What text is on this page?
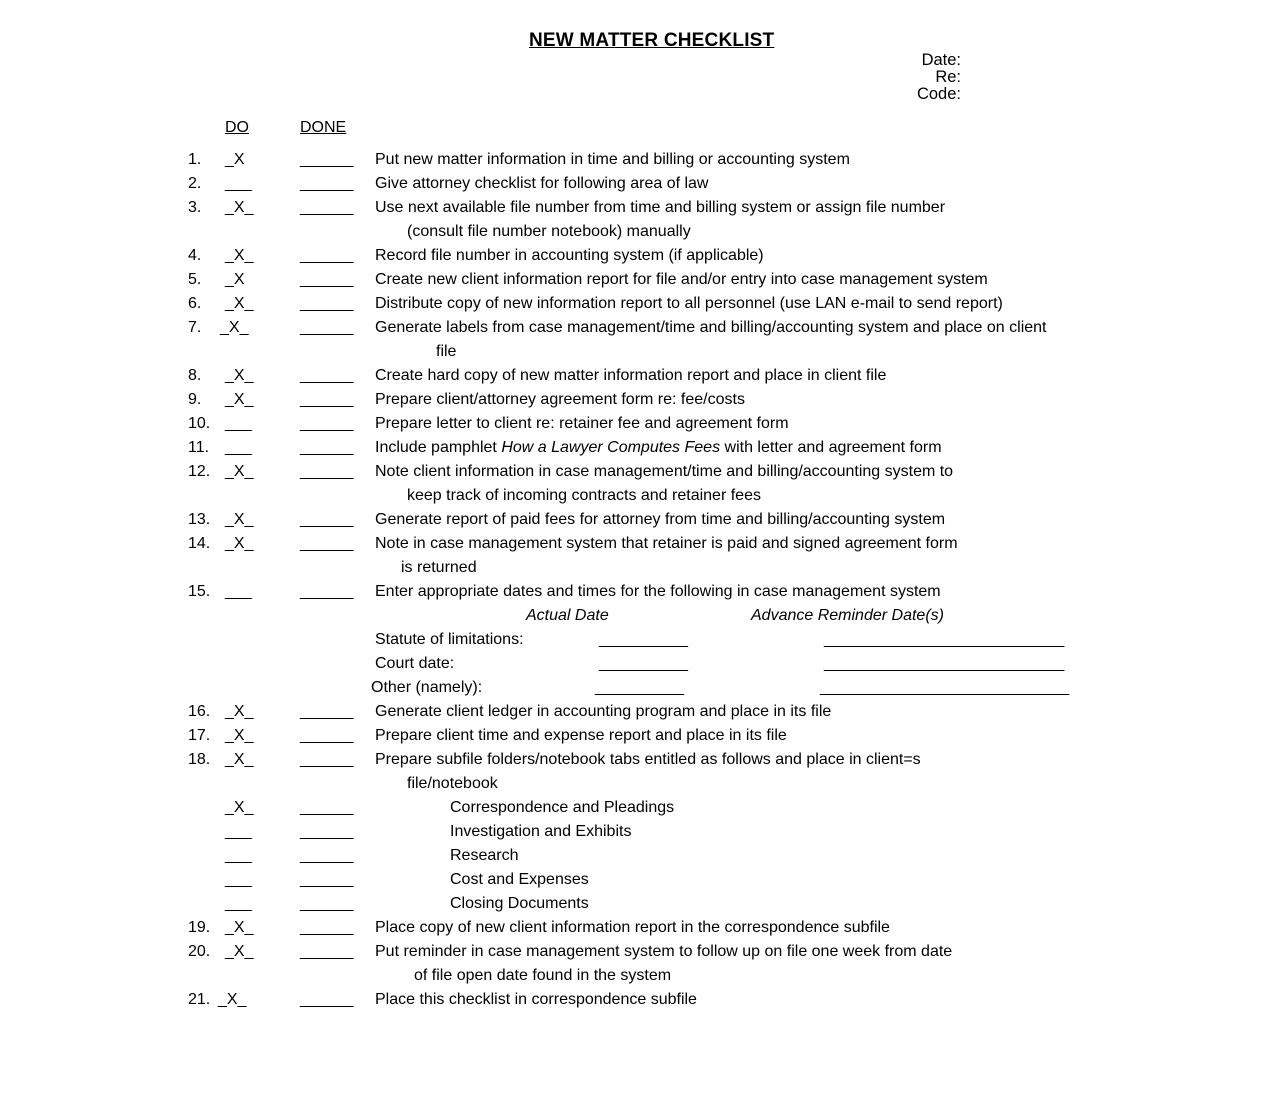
NEW MATTER CHECKLIST
Date:
Re:
Code:
DO	DONE
1. _X	______ Put new matter information in time and billing or accounting system
2. ___	______ Give attorney checklist for following area of law
3. _X_	______ Use next available file number from time and billing system or assign file number
(consult file number notebook) manually
4. _X_	______ Record file number in accounting system (if applicable)
5. _X	______ Create new client information report for file and/or entry into case management system
6. _X_	______ Distribute copy of new information report to all personnel (use LAN e-mail to send report)
7. _X_	______ Generate labels from case management/time and billing/accounting system and place on client
file
8. _X_	______ Create hard copy of new matter information report and place in client file
9. _X_	______ Prepare client/attorney agreement form re: fee/costs
10. ___	______ Prepare letter to client re: retainer fee and agreement form
11. ___	______ Include pamphlet How a Lawyer Computes Fees with letter and agreement form
12. _X_	______ Note client information in case management/time and billing/accounting system to
keep track of incoming contracts and retainer fees
13. _X_	______ Generate report of paid fees for attorney from time and billing/accounting system
14. _X_	______ Note in case management system that retainer is paid and signed agreement form
is returned
15. ___	______ Enter appropriate dates and times for the following in case management system
Actual Date	Advance Reminder Date(s)
Statute of limitations:	__________	___________________________
Court date:	__________	___________________________
Other (namely):	__________	____________________________
16. _X_	______ Generate client ledger in accounting program and place in its file
17. _X_	______ Prepare client time and expense report and place in its file
18. _X_	______ Prepare subfile folders/notebook tabs entitled as follows and place in client=s
file/notebook
_X_	______	Correspondence and Pleadings
___	______	Investigation and Exhibits
___	______	Research
___	______	Cost and Expenses
___	______	Closing Documents
19. _X_	______ Place copy of new client information report in the correspondence subfile
20. _X_	______ Put reminder in case management system to follow up on file one week from date
of file open date found in the system
21. _X_	______ Place this checklist in correspondence subfile
